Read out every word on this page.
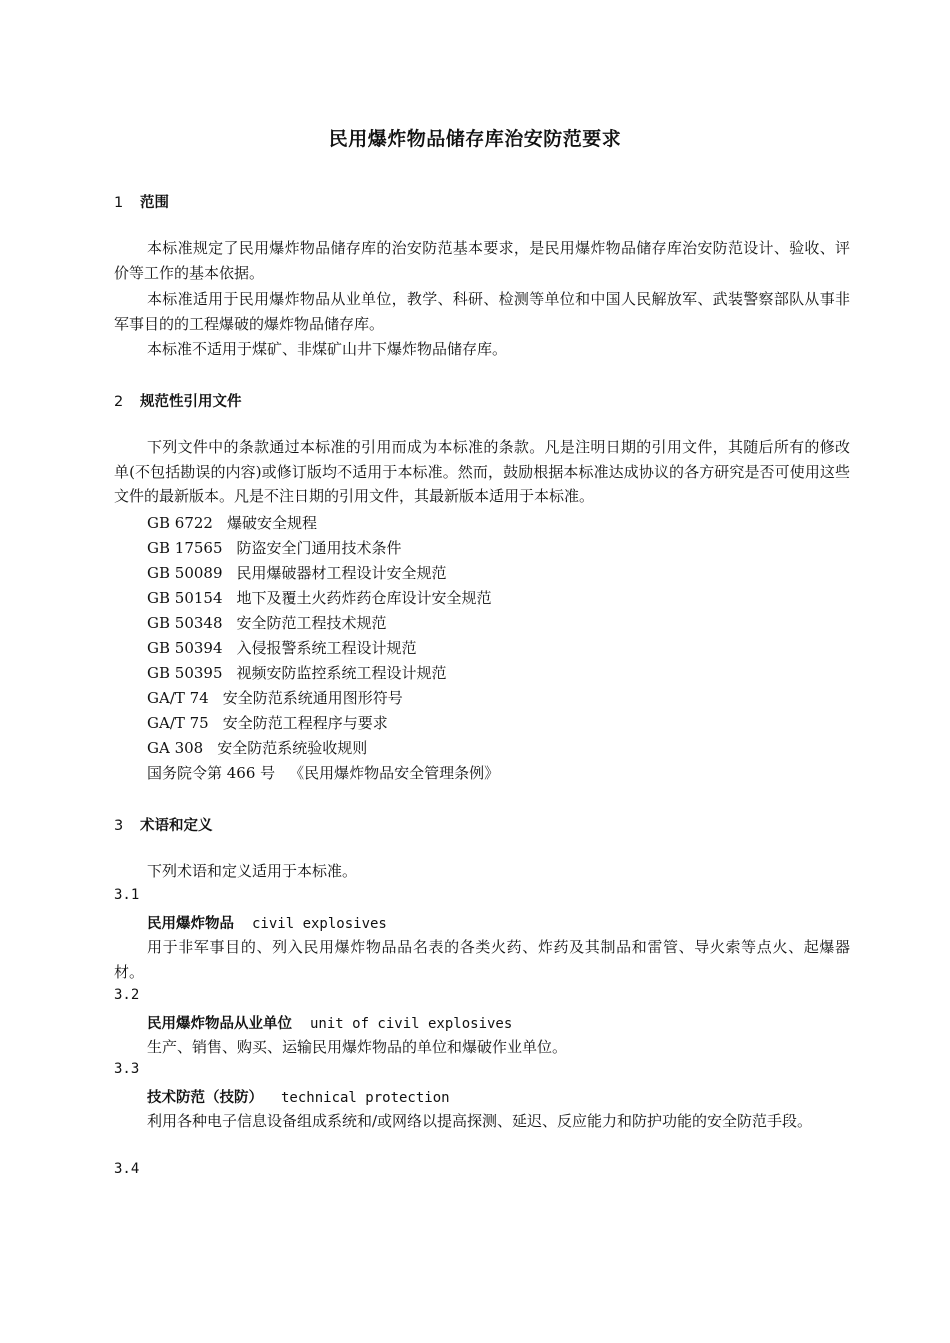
民用爆炸物品储存库治安防范要求
1 范围
本标准规定了民用爆炸物品储存库的治安防范基本要求，是民用爆炸物品储存库治安防范设计、验收、评价等工作的基本依据。
本标准适用于民用爆炸物品从业单位，教学、科研、检测等单位和中国人民解放军、武装警察部队从事非军事目的的工程爆破的爆炸物品储存库。
本标准不适用于煤矿、非煤矿山井下爆炸物品储存库。
2 规范性引用文件
下列文件中的条款通过本标准的引用而成为本标准的条款。凡是注明日期的引用文件，其随后所有的修改单(不包括勘误的内容)或修订版均不适用于本标准。然而，鼓励根据本标准达成协议的各方研究是否可使用这些文件的最新版本。凡是不注日期的引用文件，其最新版本适用于本标准。
GB 6722 爆破安全规程
GB 17565 防盗安全门通用技术条件
GB 50089 民用爆破器材工程设计安全规范
GB 50154 地下及覆土火药炸药仓库设计安全规范
GB 50348 安全防范工程技术规范
GB 50394 入侵报警系统工程设计规范
GB 50395 视频安防监控系统工程设计规范
GA/T 74 安全防范系统通用图形符号
GA/T 75 安全防范工程程序与要求
GA 308 安全防范系统验收规则
国务院令第 466 号 《民用爆炸物品安全管理条例》
3 术语和定义
下列术语和定义适用于本标准。
3.1
民用爆炸物品 civil explosives
用于非军事目的、列入民用爆炸物品品名表的各类火药、炸药及其制品和雷管、导火索等点火、起爆器材。
3.2
民用爆炸物品从业单位 unit of civil explosives
生产、销售、购买、运输民用爆炸物品的单位和爆破作业单位。
3.3
技术防范（技防） technical protection
利用各种电子信息设备组成系统和/或网络以提高探测、延迟、反应能力和防护功能的安全防范手段。
3.4
